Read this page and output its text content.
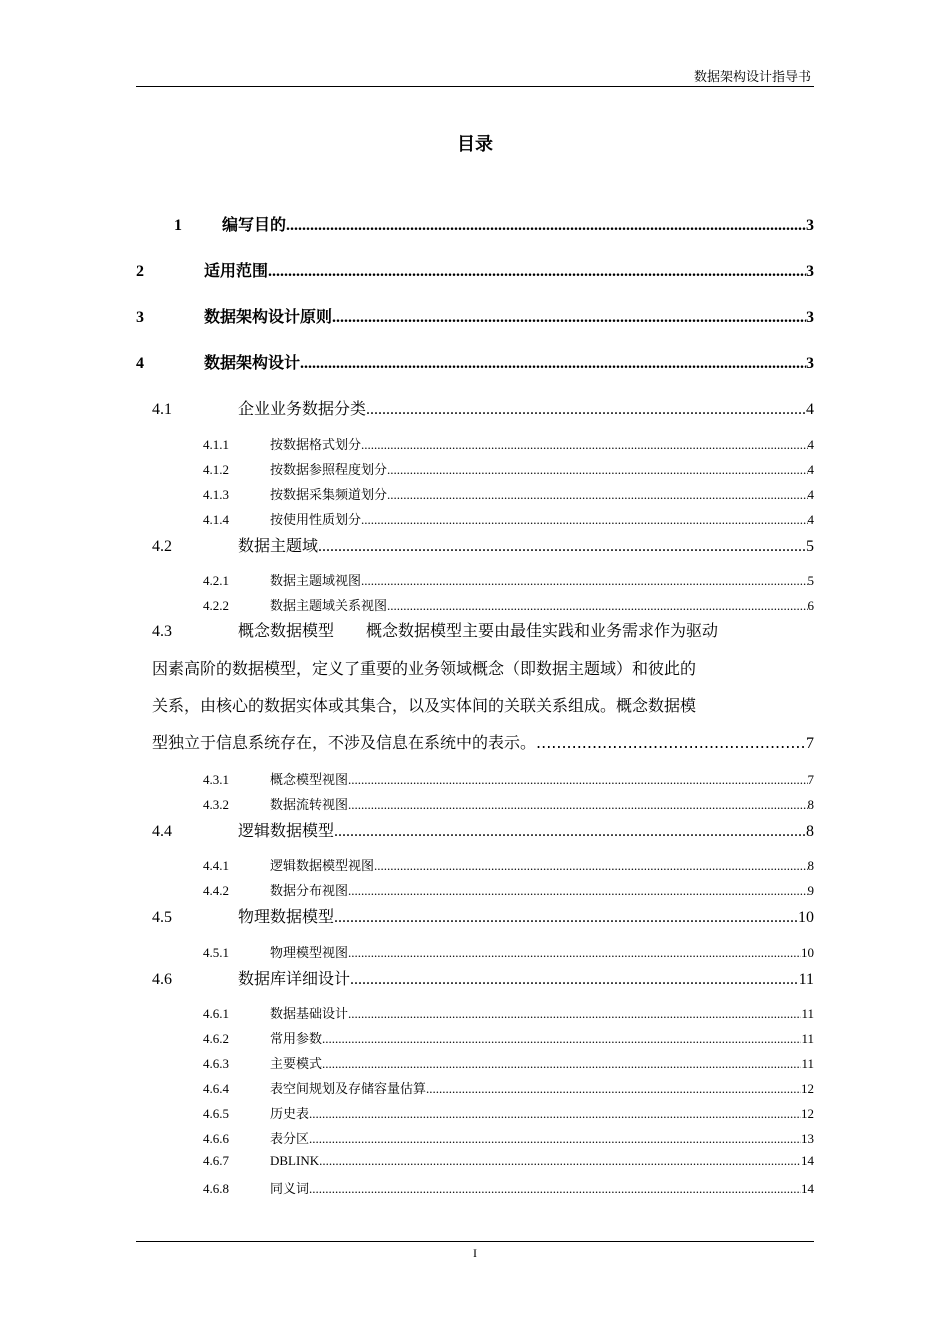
数据架构设计指导书
目录
1	编写目的 .....	3
2	适用范围 .....	3
3	数据架构设计原则 .....	3
4	数据架构设计 .....	3
4.1	企业业务数据分类 .....	4
4.1.1	按数据格式划分 .....	4
4.1.2	按数据参照程度划分 .....	4
4.1.3	按数据采集频道划分 .....	4
4.1.4	按使用性质划分 .....	4
4.2	数据主题域 .....	5
4.2.1	数据主题域视图 .....	5
4.2.2	数据主题域关系视图 .....	6
4.3	概念数据模型　　概念数据模型主要由最佳实践和业务需求作为驱动
因素高阶的数据模型，定义了重要的业务领域概念（即数据主题域）和彼此的
关系，由核心的数据实体或其集合，以及实体间的关联关系组成。概念数据模
型独立于信息系统存在，不涉及信息在系统中的表示。 .....	7
4.3.1	概念模型视图 .....	7
4.3.2	数据流转视图 .....	8
4.4	逻辑数据模型 .....	8
4.4.1	逻辑数据模型视图 .....	8
4.4.2	数据分布视图 .....	9
4.5	物理数据模型 .....	10
4.5.1	物理模型视图 .....	10
4.6	数据库详细设计 .....	11
4.6.1	数据基础设计 .....	11
4.6.2	常用参数 .....	11
4.6.3	主要模式 .....	11
4.6.4	表空间规划及存储容量估算 .....	12
4.6.5	历史表 .....	12
4.6.6	表分区 .....	13
4.6.7	DBLINK .....	14
4.6.8	同义词 .....	14
I
